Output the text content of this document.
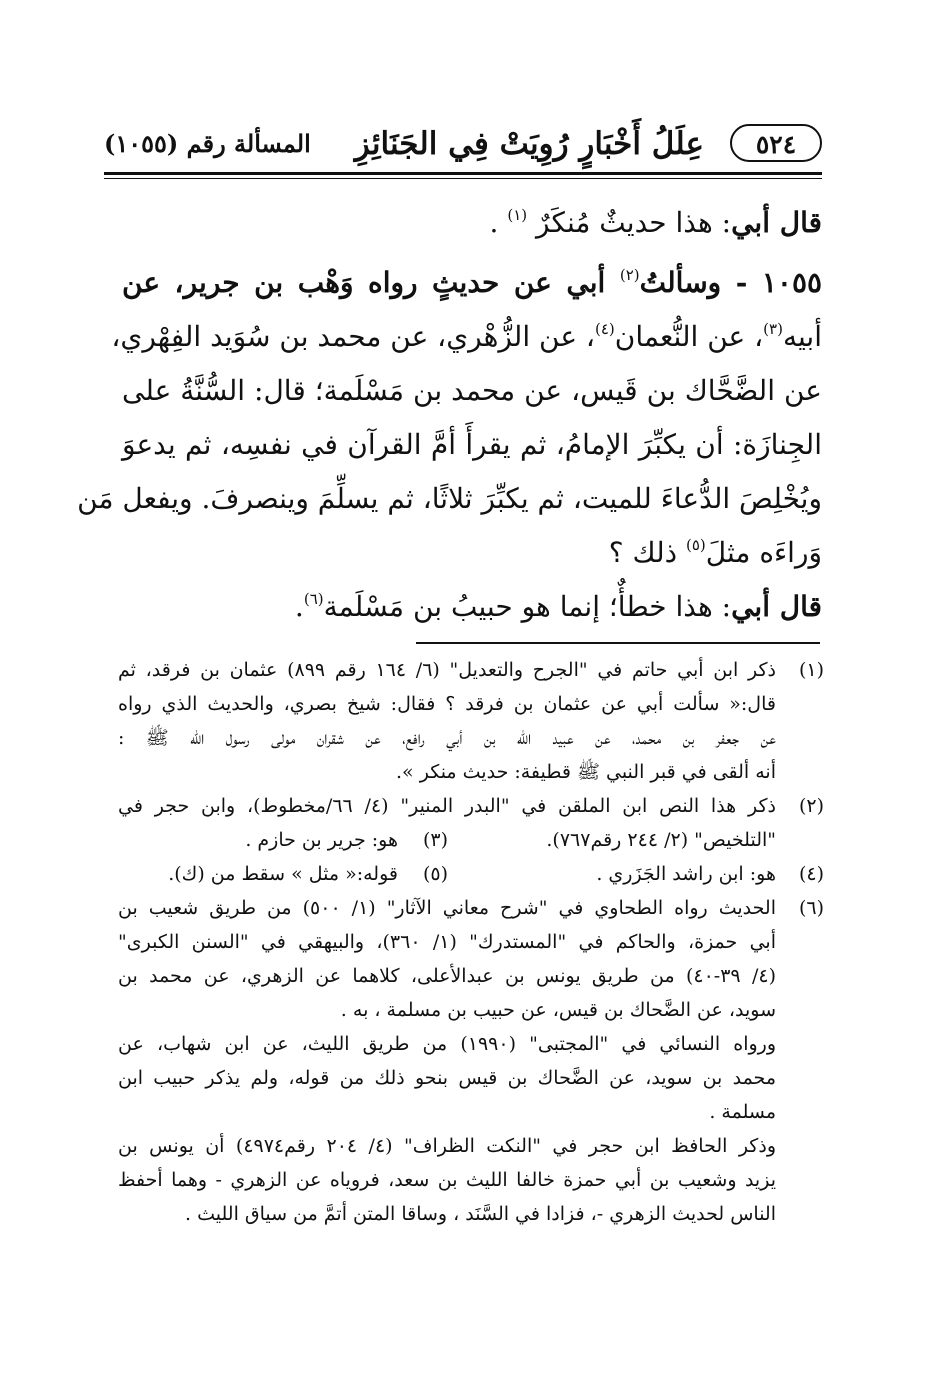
٥٢٤
عِلَلُ أَخْبَارٍ رُوِيَتْ فِي الجَنَائِزِ
المسألة رقم (١٠٥٥)
قال أبي: هذا حديثٌ مُنكَرٌ $^{(١)}$ .
١٠٥٥ - وسألتُ$^{(٢)}$ أبي عن حديثٍ رواه وَهْب بن جرير، عن
أبيه$^{(٣)}$، عن النُّعمان$^{(٤)}$، عن الزُّهْري، عن محمد بن سُوَيد الفِهْري،
عن الضَّحَّاك بن قَيس، عن محمد بن مَسْلَمة؛ قال: السُّنَّةُ على
الجِنازَة: أن يكبِّرَ الإمامُ، ثم يقرأَ أمَّ القرآن في نفسِه، ثم يدعوَ
ويُخْلِصَ الدُّعاءَ للميت، ثم يكبِّرَ ثلاثًا، ثم يسلِّمَ وينصرفَ. ويفعل مَن
وَراءَه مثلَ$^{(٥)}$ ذلك ؟
قال أبي: هذا خطأٌ؛ إنما هو حبيبُ بن مَسْلَمة$^{(٦)}$.
(١)
ذكر ابن أبي حاتم في "الجرح والتعديل" (٦/ ١٦٤ رقم ٨٩٩) عثمان بن فرقد، ثم
قال:« سألت أبي عن عثمان بن فرقد ؟ فقال: شيخ بصري، والحديث الذي رواه
عن جعفر بن محمد، عن عبيد الله بن أبي رافع، عن شقران مولى رسول الله ﷺ :
أنه ألقى في قبر النبي ﷺ قطيفة: حديث منكر ».
(٢)
ذكر هذا النص ابن الملقن في "البدر المنير" (٤/ ٦٦/مخطوط)، وابن حجر في
"التلخيص" (٢/ ٢٤٤ رقم٧٦٧).
(٣)
هو: جرير بن حازم .
(٤)
هو: ابن راشد الجَزَري .
(٥)
قوله:« مثل » سقط من (ك).
(٦)
الحديث رواه الطحاوي في "شرح معاني الآثار" (١/ ٥٠٠) من طريق شعيب بن
أبي حمزة، والحاكم في "المستدرك" (١/ ٣٦٠)، والبيهقي في "السنن الكبرى"
(٤/ ٣٩-٤٠) من طريق يونس بن عبدالأعلى، كلاهما عن الزهري، عن محمد بن
سويد، عن الضَّحاك بن قيس، عن حبيب بن مسلمة ، به .
ورواه النسائي في "المجتبى" (١٩٩٠) من طريق الليث، عن ابن شهاب، عن
محمد بن سويد، عن الضَّحاك بن قيس بنحو ذلك من قوله، ولم يذكر حبيب ابن
مسلمة .
وذكر الحافظ ابن حجر في "النكت الظراف" (٤/ ٢٠٤ رقم٤٩٧٤) أن يونس بن
يزيد وشعيب بن أبي حمزة خالفا الليث بن سعد، فروياه عن الزهري - وهما أحفظ
الناس لحديث الزهري -، فزادا في السَّنَد ، وساقا المتن أتمَّ من سياق الليث .
